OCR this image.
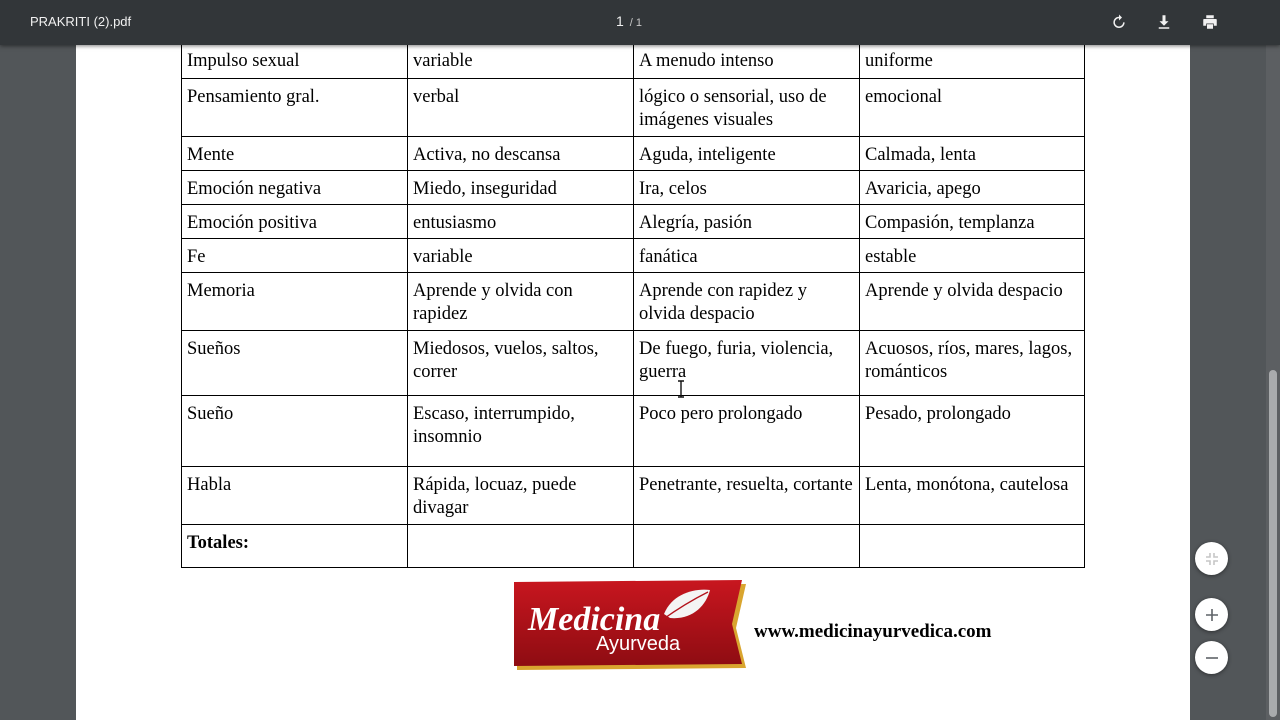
PRAKRITI (2).pdf	1 / 1
Impulso sexual	variable	A menudo intenso	uniforme
Pensamiento gral.	verbal	lógico o sensorial, uso de imágenes visuales	emocional
Mente	Activa, no descansa	Aguda, inteligente	Calmada, lenta
Emoción negativa	Miedo, inseguridad	Ira, celos	Avaricia, apego
Emoción positiva	entusiasmo	Alegría, pasión	Compasión, templanza
Fe	variable	fanática	estable
Memoria	Aprende y olvida con rapidez	Aprende con rapidez y olvida despacio	Aprende y olvida despacio
Sueños	Miedosos, vuelos, saltos, correr	De fuego, furia, violencia, guerra	Acuosos, ríos, mares, lagos, románticos
Sueño	Escaso, interrumpido, insomnio	Poco pero prolongado	Pesado, prolongado
Habla	Rápida, locuaz, puede divagar	Penetrante, resuelta, cortante	Lenta, monótona, cautelosa
Totales:			
Medicina
Ayurveda
www.medicinayurvedica.com
